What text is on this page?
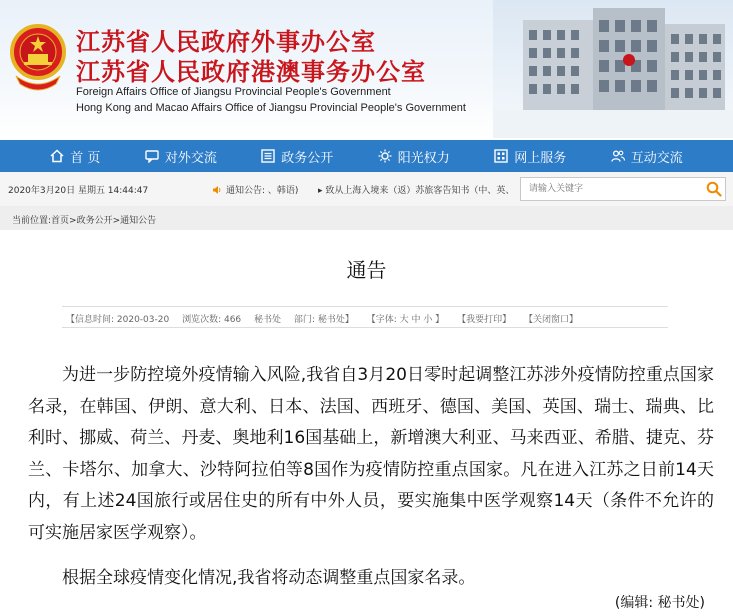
江苏省人民政府外事办公室
江苏省人民政府港澳事务办公室
Foreign Affairs Office of Jiangsu Provincial People's Government
Hong Kong and Macao Affairs Office of Jiangsu Provincial People's Government
首 页	对外交流	政务公开	阳光权力	网上服务	互动交流
2020年3月20日 星期五 14:44:47	通知公告: 、韩语) ▸ 致从上海入境来（返）苏旅客告知书（中、英、
请输入关键字
当前位置:首页>政务公开>通知公告
通告
【信息时间: 2020-03-20 浏览次数: 466 秘书处 部门: 秘书处】 【字体: 大 中 小 】 【我要打印】 【关闭窗口】

为进一步防控境外疫情输入风险,我省自3月20日零时起调整江苏涉外疫情防控重点国家名录，在韩国、伊朗、意大利、日本、法国、西班牙、德国、美国、英国、瑞士、瑞典、比利时、挪威、荷兰、丹麦、奥地利16国基础上，新增澳大利亚、马来西亚、希腊、捷克、芬兰、卡塔尔、加拿大、沙特阿拉伯等8国作为疫情防控重点国家。凡在进入江苏之日前14天内，有上述24国旅行或居住史的所有中外人员，要实施集中医学观察14天（条件不允许的可实施居家医学观察）。

根据全球疫情变化情况,我省将动态调整重点国家名录。

(编辑: 秘书处)
